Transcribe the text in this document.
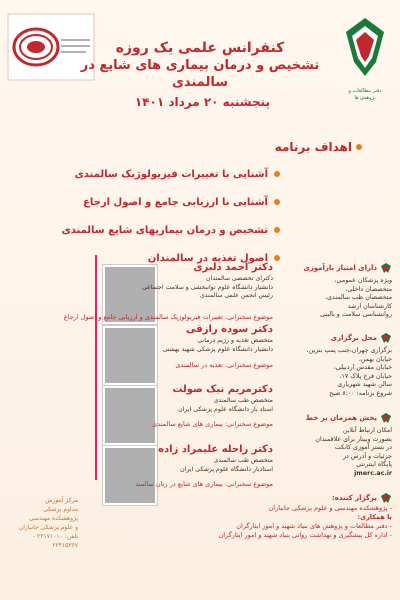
کنفرانس علمی یک روزه
تشخیص و درمان بیماری های شایع در سالمندی
پنجشنبه ۲۰ مرداد ۱۴۰۱
دفتر مطالعات و پژوهش ها
اهداف برنامه
آشنایی با تغییرات فیزیولوژیک سالمندی
آشنایی با ارزیابی جامع و اصول ارجاع
تشخیص و درمان بیماریهای شایع سالمندی
اصول تغذیه در سالمندان
دکتر احمد دلبری
دکترای تخصصی سالمندان
دانشیار دانشگاه علوم توانبخشی و سلامت اجتماعی
رئیس انجمن علمی سالمندی
موضوع سخنرانی: تغییرات فیزیولوژیک سالمندی و ارزیابی جامع و اصول ارجاع
دکتر سوده رازقی
متخصص تغذیه و رژیم درمانی
دانشیار دانشگاه علوم پزشکی شهید بهشتی
موضوع سخنرانی: تغذیه در سالمندی
دکترمریم نیک صولت
متخصص طب سالمندی
استاد یار دانشگاه علوم پزشکی ایران
موضوع سخنرانی: بیماری های شایع سالمندی
دکتر راحله علیمراد زاده
متخصص طب سالمندی
استادیار دانشگاه علوم پزشکی ایران
موضوع سخنرانی: بیماری های شایع در زنان سالمند
دارای امتیاز بازآموزی
ویژه پزشکان عمومی،
متخصصان داخلی،
متخصصان طب سالمندی،
کارشناسان ارشد
روانشناسی سلامت و بالینی
محل برگزاری
برگزاری چهران،جنب پمپ بنزین،
خیابان بهمن،
خیابان مقدس اردبیلی،
خیابان فرخ پلاک ۱۷،
سالن شهید شهریاری
شروع برنامه: ۸:۰۰ صبح
پخش همزمان بر خط
امکان ارتباط آنلاین
بصورت وبینار برای علاقمندان
در بستر آموزی کانکت
جزئیات و آدرس در
پایگاه اینترنتی
jmerc.ac.ir
مرکز آموزش
مداوم پزشکی
پژوهشکده مهندسی
و علوم پزشکی جانبازان
تلفن: ۲۲۱۷۱۰۱۰ - ۲۲۴۱۵۳۶۷
برگزار کننده:
- پژوهشکده مهندسی و علوم پزشکی جانبازان
با همکاری:
- دفتر مطالعات و پژوهش های بنیاد شهید و امور ایثارگران
- اداره کل پیشگیری و بهداشت روانی بنیاد شهید و امور ایثارگران
